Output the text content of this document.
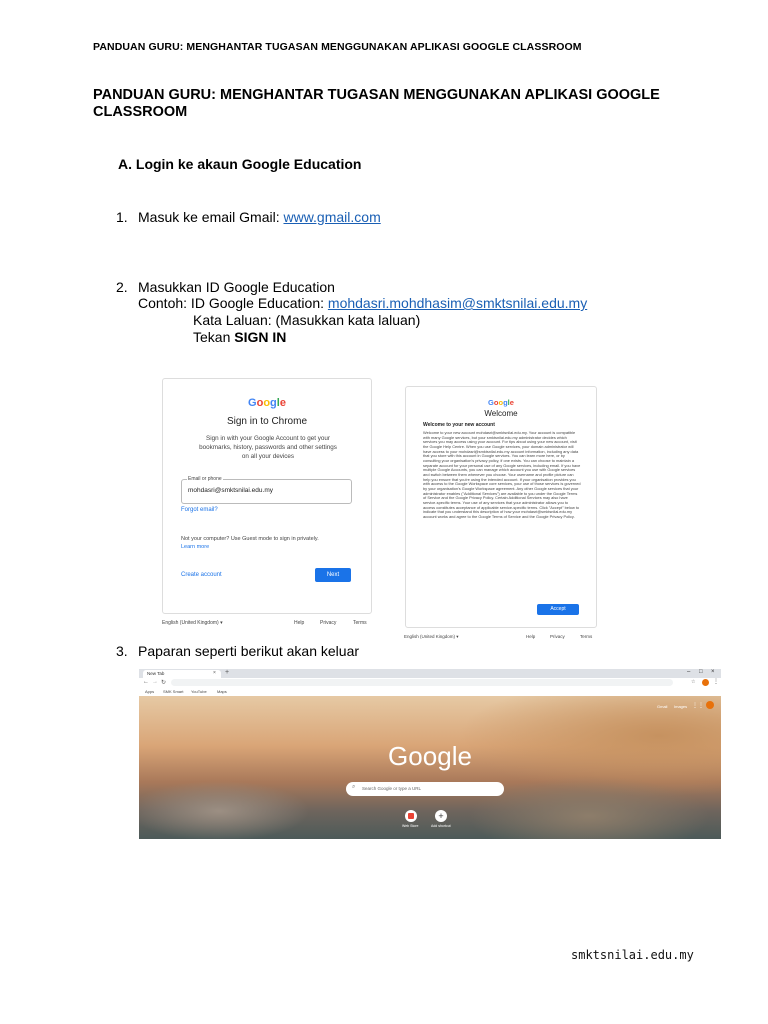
PANDUAN GURU: MENGHANTAR TUGASAN MENGGUNAKAN APLIKASI GOOGLE CLASSROOM
PANDUAN GURU: MENGHANTAR TUGASAN MENGGUNAKAN APLIKASI GOOGLE
CLASSROOM
A. Login ke akaun Google Education
1. Masuk ke email Gmail: www.gmail.com
2. Masukkan ID Google Education
Contoh: ID Google Education: mohdasri.mohdhasim@smktsnilai.edu.my
Kata Laluan: (Masukkan kata laluan)
Tekan SIGN IN
Google
Sign in to Chrome
Sign in with your Google Account to get your bookmarks, history, passwords and other settings on all your devices
Email or phone
mohdasri@smktsnilai.edu.my
Forgot email?
Not your computer? Use Guest mode to sign in privately.
Learn more
Create account	Next
English (United Kingdom) ▾	Help	Privacy	Terms
Google
Welcome
Welcome to your new account
Welcome to your new account mohdasri@smktsnilai.edu.my. Your account is compatible with many Google services, but your smktsnilai.edu.my administrator decides which services you may access using your account. For tips about using your new account, visit the Google Help Centre. When you use Google services, your domain administrator will have access to your mohdasri@smktsnilai.edu.my account information, including any data that you store with this account in Google services. You can learn more here, or by consulting your organisation's privacy policy, if one exists. You can choose to maintain a separate account for your personal use of any Google services, including email. If you have multiple Google Accounts, you can manage which account you use with Google services and switch between them whenever you choose. Your username and profile picture can help you ensure that you're using the intended account. If your organisation provides you with access to the Google Workspace core services, your use of those services is governed by your organisation's Google Workspace agreement. Any other Google services that your administrator enables ("Additional Services") are available to you under the Google Terms of Service and the Google Privacy Policy. Certain Additional Services may also have service-specific terms. Your use of any services that your administrator allows you to access constitutes acceptance of applicable service-specific terms. Click "Accept" below to indicate that you understand this description of how your mohdasri@smktsnilai.edu.my account works and agree to the Google Terms of Service and the Google Privacy Policy.
Accept
English (United Kingdom) ▾	Help	Privacy	Terms
3. Paparan seperti berikut akan keluar
New Tab	× +	– □ ×
← → ↻	☆	⋮
Apps SMK Smart YouTube	Maps
Gmail Images ⋮⋮
Google
⌕ Search Google or type a URL
Web Store
+
Add shortcut
smktsnilai.edu.my
